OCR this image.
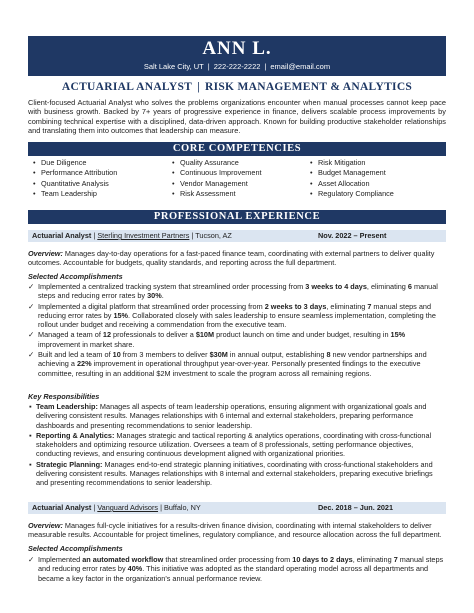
ANN L.
Salt Lake City, UT | 222-222-2222 | email@email.com
ACTUARIAL ANALYST | RISK MANAGEMENT & ANALYTICS
Client-focused Actuarial Analyst who solves the problems organizations encounter when manual processes cannot keep pace with business growth. Backed by 7+ years of progressive experience in finance, delivers scalable process improvements by combining technical expertise with a disciplined, data-driven approach. Known for building productive stakeholder relationships and translating them into outcomes that leadership can measure.
CORE COMPETENCIES
• Due Diligence
• Performance Attribution
• Quantitative Analysis
• Team Leadership
• Quality Assurance
• Continuous Improvement
• Vendor Management
• Risk Assessment
• Risk Mitigation
• Budget Management
• Asset Allocation
• Regulatory Compliance
PROFESSIONAL EXPERIENCE
Actuarial Analyst | Sterling Investment Partners | Tucson, AZ	Nov. 2022 – Present
Overview: Manages day-to-day operations for a fast-paced finance team, coordinating with external partners to deliver quality outcomes. Accountable for budgets, quality standards, and reporting across the full department.
Selected Accomplishments
✓ Implemented a centralized tracking system that streamlined order processing from 3 weeks to 4 days, eliminating 6 manual steps and reducing error rates by 30%.
✓ Implemented a digital platform that streamlined order processing from 2 weeks to 3 days, eliminating 7 manual steps and reducing error rates by 15%. Collaborated closely with sales leadership to ensure seamless implementation, completing the rollout under budget and receiving a commendation from the executive team.
✓ Managed a team of 12 professionals to deliver a $10M product launch on time and under budget, resulting in 15% improvement in market share.
✓ Built and led a team of 10 from 3 members to deliver $30M in annual output, establishing 8 new vendor partnerships and achieving a 22% improvement in operational throughput year-over-year. Personally presented findings to the executive committee, resulting in an additional $2M investment to scale the program across all remaining regions.
Key Responsibilities
▪ Team Leadership: Manages all aspects of team leadership operations, ensuring alignment with organizational goals and delivering consistent results. Manages relationships with 6 internal and external stakeholders, preparing performance dashboards and presenting recommendations to senior leadership.
▪ Reporting & Analytics: Manages strategic and tactical reporting & analytics operations, coordinating with cross-functional stakeholders and optimizing resource utilization. Oversees a team of 8 professionals, setting performance objectives, conducting reviews, and ensuring continuous development aligned with organizational priorities.
▪ Strategic Planning: Manages end-to-end strategic planning initiatives, coordinating with cross-functional stakeholders and delivering consistent results. Manages relationships with 8 internal and external stakeholders, preparing executive briefings and presenting recommendations to senior leadership.
Actuarial Analyst | Vanguard Advisors | Buffalo, NY	Dec. 2018 – Jun. 2021
Overview: Manages full-cycle initiatives for a results-driven finance division, coordinating with internal stakeholders to deliver measurable results. Accountable for project timelines, regulatory compliance, and resource allocation across the full department.
Selected Accomplishments
✓ Implemented an automated workflow that streamlined order processing from 10 days to 2 days, eliminating 7 manual steps and reducing error rates by 40%. This initiative was adopted as the standard operating model across all departments and became a key factor in the organization's annual performance review.
